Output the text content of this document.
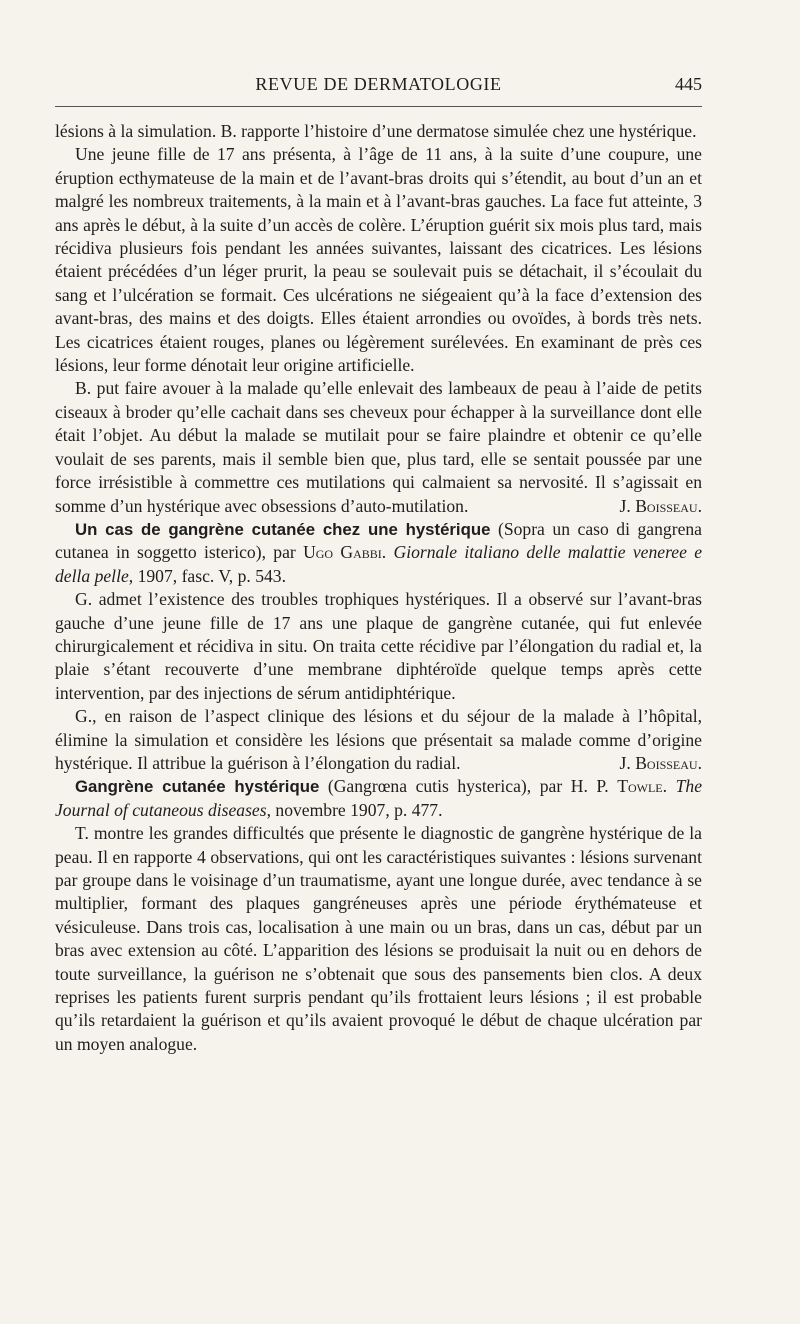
REVUE DE DERMATOLOGIE	445

lésions à la simulation. B. rapporte l’histoire d’une dermatose simulée chez une hystérique.

Une jeune fille de 17 ans présenta, à l’âge de 11 ans, à la suite d’une coupure, une éruption ecthymateuse de la main et de l’avant-bras droits qui s’étendit, au bout d’un an et malgré les nombreux traitements, à la main et à l’avant-bras gauches. La face fut atteinte, 3 ans après le début, à la suite d’un accès de colère. L’éruption guérit six mois plus tard, mais récidiva plusieurs fois pendant les années suivantes, laissant des cicatrices. Les lésions étaient précédées d’un léger prurit, la peau se soulevait puis se détachait, il s’écoulait du sang et l’ulcération se formait. Ces ulcérations ne siégeaient qu’à la face d’extension des avant-bras, des mains et des doigts. Elles étaient arrondies ou ovoïdes, à bords très nets. Les cicatrices étaient rouges, planes ou légèrement surélevées. En examinant de près ces lésions, leur forme dénotait leur origine artificielle.

B. put faire avouer à la malade qu’elle enlevait des lambeaux de peau à l’aide de petits ciseaux à broder qu’elle cachait dans ses cheveux pour échapper à la surveillance dont elle était l’objet. Au début la malade se mutilait pour se faire plaindre et obtenir ce qu’elle voulait de ses parents, mais il semble bien que, plus tard, elle se sentait poussée par une force irrésistible à commettre ces mutilations qui calmaient sa nervosité. Il s’agissait en somme d’un hystérique avec obsessions d’auto-mutilation.	J. Boisseau.

Un cas de gangrène cutanée chez une hystérique (Sopra un caso di gangrena cutanea in soggetto isterico), par Ugo Gabbi. Giornale italiano delle malattie veneree e della pelle, 1907, fasc. V, p. 543.

G. admet l’existence des troubles trophiques hystériques. Il a observé sur l’avant-bras gauche d’une jeune fille de 17 ans une plaque de gangrène cutanée, qui fut enlevée chirurgicalement et récidiva in situ. On traita cette récidive par l’élongation du radial et, la plaie s’étant recouverte d’une membrane diphtéroïde quelque temps après cette intervention, par des injections de sérum antidiphtérique.

G., en raison de l’aspect clinique des lésions et du séjour de la malade à l’hôpital, élimine la simulation et considère les lésions que présentait sa malade comme d’origine hystérique. Il attribue la guérison à l’élongation du radial.	J. Boisseau.

Gangrène cutanée hystérique (Gangrœna cutis hysterica), par H. P. Towle. The Journal of cutaneous diseases, novembre 1907, p. 477.

T. montre les grandes difficultés que présente le diagnostic de gangrène hystérique de la peau. Il en rapporte 4 observations, qui ont les caractéristiques suivantes : lésions survenant par groupe dans le voisinage d’un traumatisme, ayant une longue durée, avec tendance à se multiplier, formant des plaques gangréneuses après une période érythémateuse et vésiculeuse. Dans trois cas, localisation à une main ou un bras, dans un cas, début par un bras avec extension au côté. L’apparition des lésions se produisait la nuit ou en dehors de toute surveillance, la guérison ne s’obtenait que sous des pansements bien clos. A deux reprises les patients furent surpris pendant qu’ils frottaient leurs lésions ; il est probable qu’ils retardaient la guérison et qu’ils avaient provoqué le début de chaque ulcération par un moyen analogue.
